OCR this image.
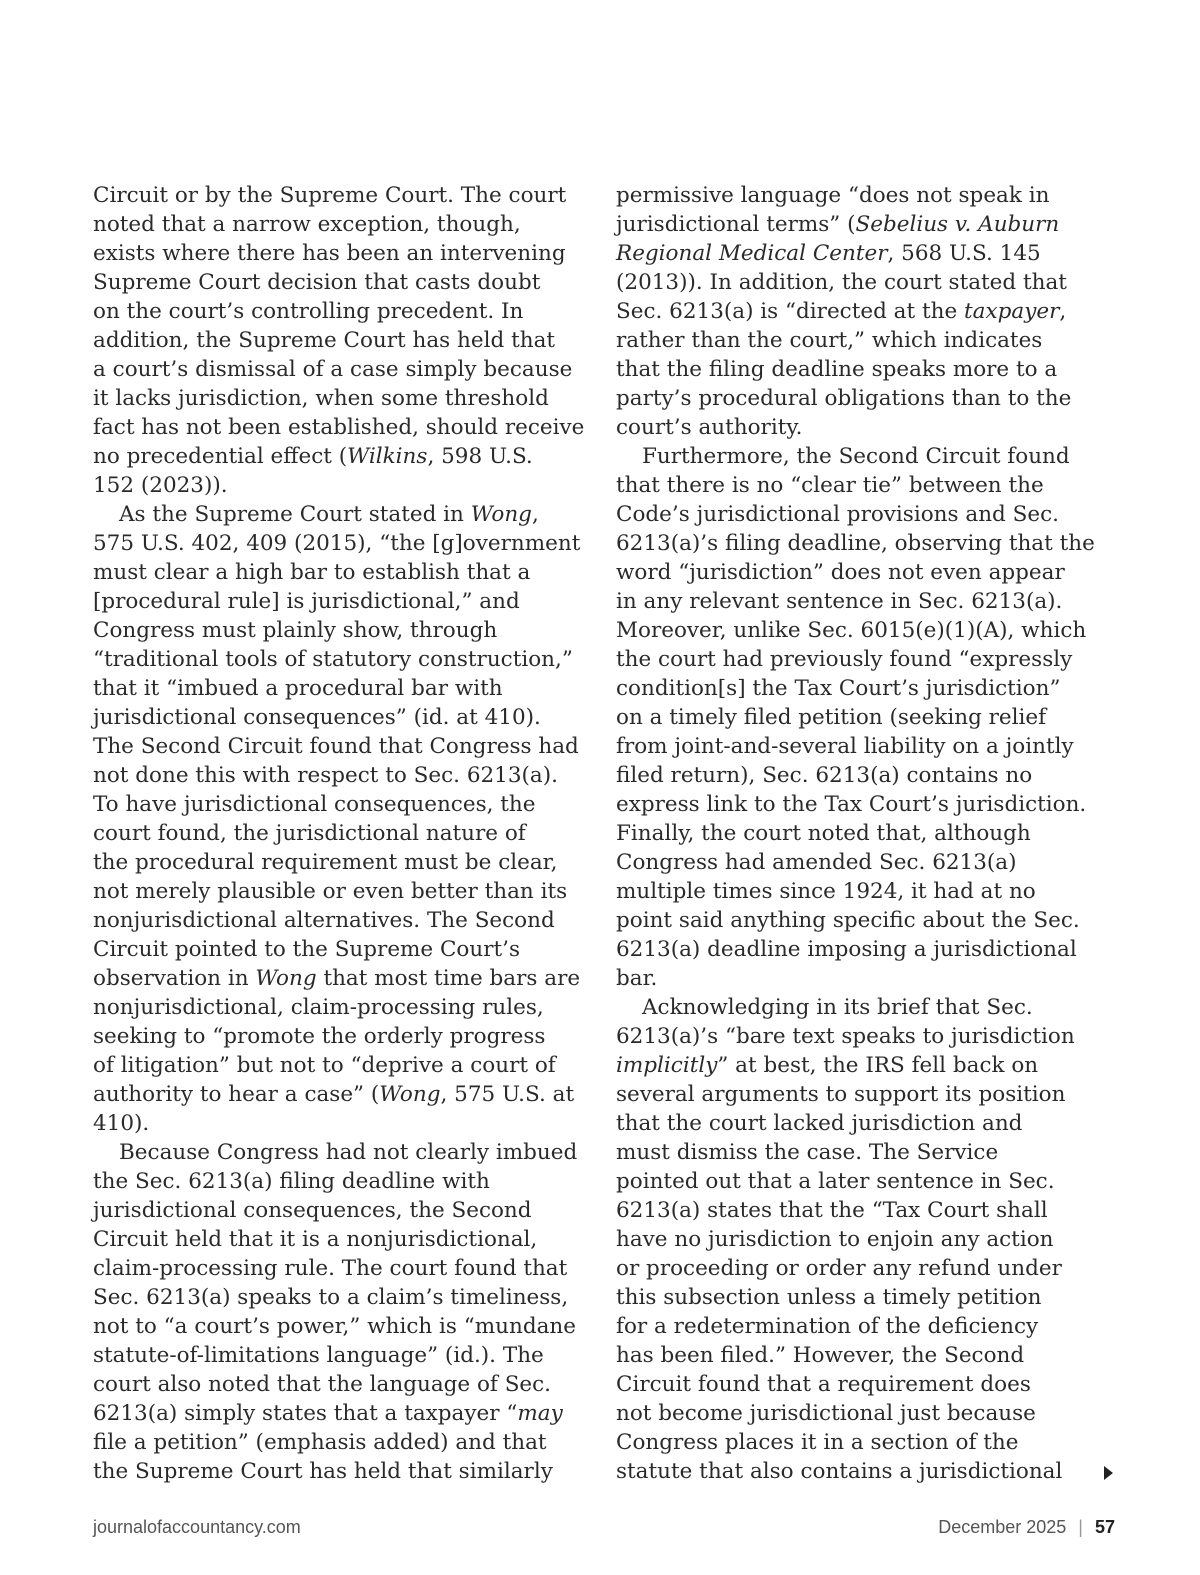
Circuit or by the Supreme Court. The court
noted that a narrow exception, though,
exists where there has been an intervening
Supreme Court decision that casts doubt
on the court’s controlling precedent. In
addition, the Supreme Court has held that
a court’s dismissal of a case simply because
it lacks jurisdiction, when some threshold
fact has not been established, should receive
no precedential effect (Wilkins, 598 U.S.
152 (2023)).
As the Supreme Court stated in Wong,
575 U.S. 402, 409 (2015), “the [g]overnment
must clear a high bar to establish that a
[procedural rule] is jurisdictional,” and
Congress must plainly show, through
“traditional tools of statutory construction,”
that it “imbued a procedural bar with
jurisdictional consequences” (id. at 410).
The Second Circuit found that Congress had
not done this with respect to Sec. 6213(a).
To have jurisdictional consequences, the
court found, the jurisdictional nature of
the procedural requirement must be clear,
not merely plausible or even better than its
nonjurisdictional alternatives. The Second
Circuit pointed to the Supreme Court’s
observation in Wong that most time bars are
nonjurisdictional, claim-processing rules,
seeking to “promote the orderly progress
of litigation” but not to “deprive a court of
authority to hear a case” (Wong, 575 U.S. at
410).
Because Congress had not clearly imbued
the Sec. 6213(a) filing deadline with
jurisdictional consequences, the Second
Circuit held that it is a nonjurisdictional,
claim-processing rule. The court found that
Sec. 6213(a) speaks to a claim’s timeliness,
not to “a court’s power,” which is “mundane
statute-of-limitations language” (id.). The
court also noted that the language of Sec.
6213(a) simply states that a taxpayer “may
file a petition” (emphasis added) and that
the Supreme Court has held that similarly
permissive language “does not speak in
jurisdictional terms” (Sebelius v. Auburn
Regional Medical Center, 568 U.S. 145
(2013)). In addition, the court stated that
Sec. 6213(a) is “directed at the taxpayer,
rather than the court,” which indicates
that the filing deadline speaks more to a
party’s procedural obligations than to the
court’s authority.
Furthermore, the Second Circuit found
that there is no “clear tie” between the
Code’s jurisdictional provisions and Sec.
6213(a)’s filing deadline, observing that the
word “jurisdiction” does not even appear
in any relevant sentence in Sec. 6213(a).
Moreover, unlike Sec. 6015(e)(1)(A), which
the court had previously found “expressly
condition[s] the Tax Court’s jurisdiction”
on a timely filed petition (seeking relief
from joint-and-several liability on a jointly
filed return), Sec. 6213(a) contains no
express link to the Tax Court’s jurisdiction.
Finally, the court noted that, although
Congress had amended Sec. 6213(a)
multiple times since 1924, it had at no
point said anything specific about the Sec.
6213(a) deadline imposing a jurisdictional
bar.
Acknowledging in its brief that Sec.
6213(a)’s “bare text speaks to jurisdiction
implicitly” at best, the IRS fell back on
several arguments to support its position
that the court lacked jurisdiction and
must dismiss the case. The Service
pointed out that a later sentence in Sec.
6213(a) states that the “Tax Court shall
have no jurisdiction to enjoin any action
or proceeding or order any refund under
this subsection unless a timely petition
for a redetermination of the deficiency
has been filed.” However, the Second
Circuit found that a requirement does
not become jurisdictional just because
Congress places it in a section of the
statute that also contains a jurisdictional
journalofaccountancy.com	December 2025 | 57
